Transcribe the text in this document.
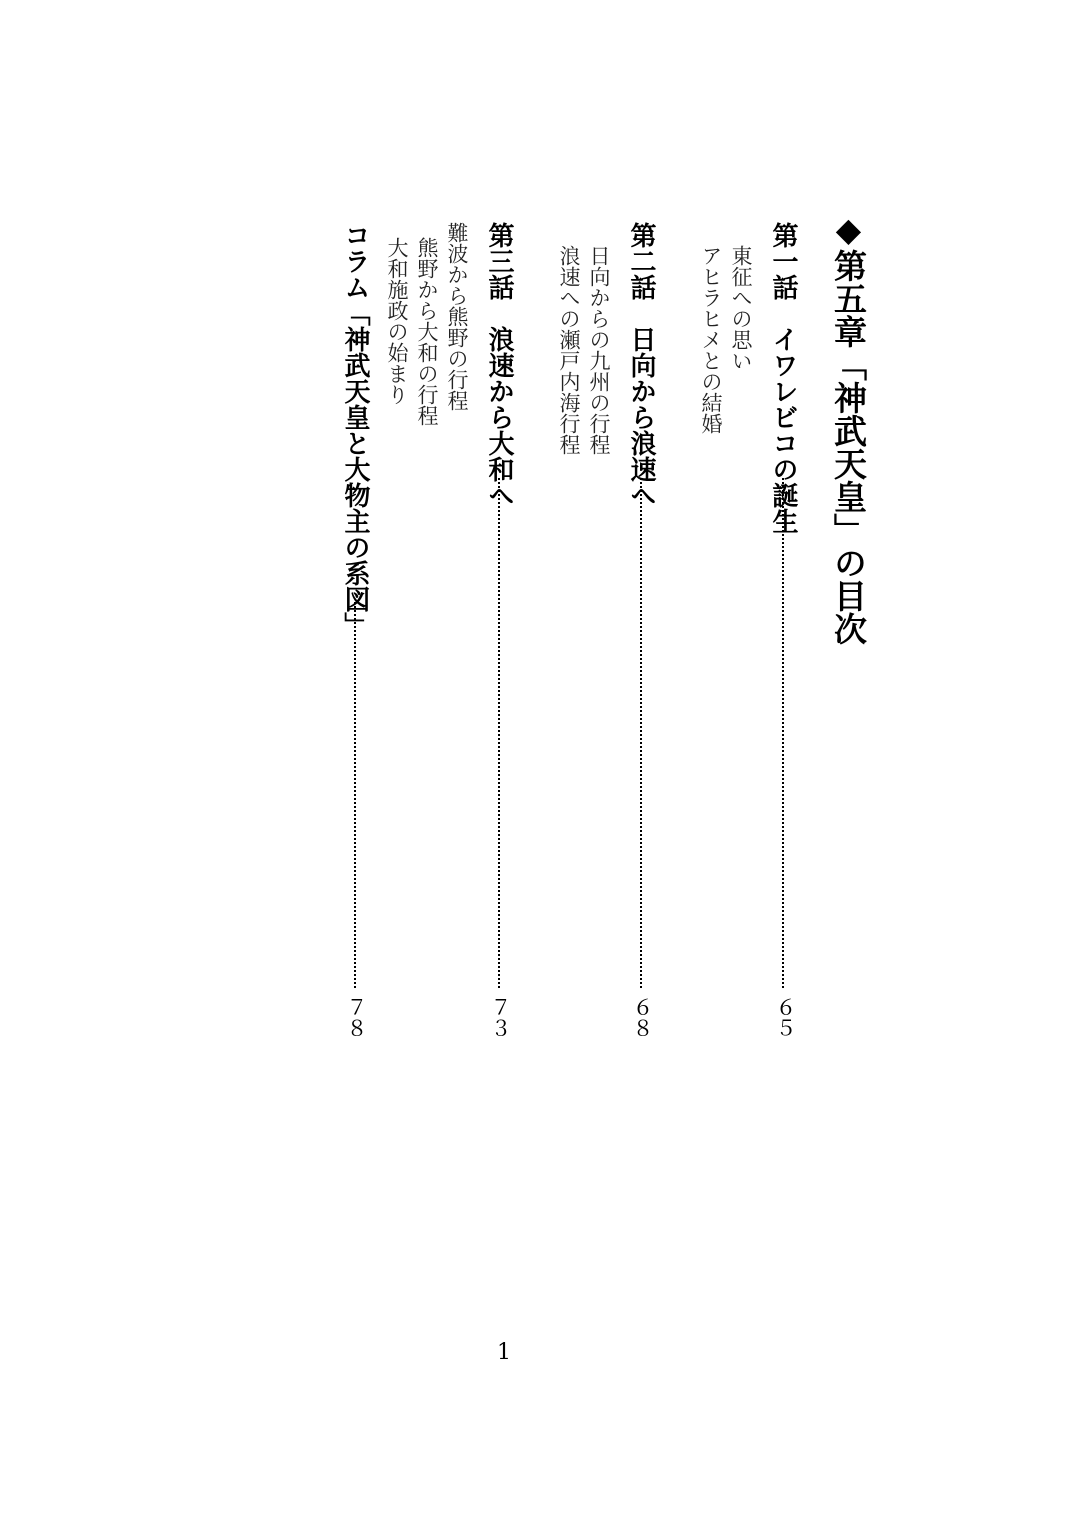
◆第五章「神武天皇」の目次
第一話　イワレビコの誕生
６５
東征への思い
アヒラヒメとの結婚
第二話　日向から浪速へ
６８
日向からの九州の行程
浪速への瀬戸内海行程
第三話　浪速から大和へ
７３
難波から熊野の行程
熊野から大和の行程
大和施政の始まり
コラム「神武天皇と大物主の系図」
７８
1
